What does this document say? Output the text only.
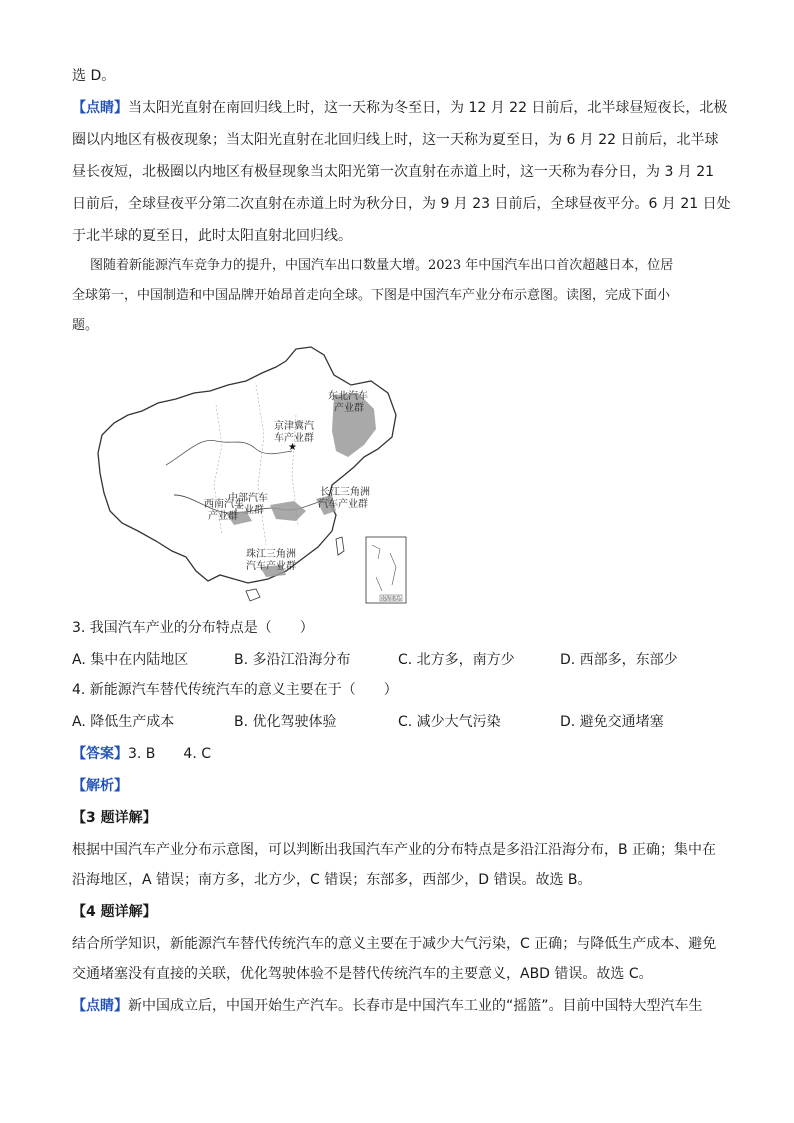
选 D。
【点睛】当太阳光直射在南回归线上时，这一天称为冬至日，为 12 月 22 日前后，北半球昼短夜长，北极
圈以内地区有极夜现象；当太阳光直射在北回归线上时，这一天称为夏至日，为 6 月 22 日前后，北半球
昼长夜短，北极圈以内地区有极昼现象当太阳光第一次直射在赤道上时，这一天称为春分日，为 3 月 21
日前后，全球昼夜平分第二次直射在赤道上时为秋分日，为 9 月 23 日前后，全球昼夜平分。6 月 21 日处
于北半球的夏至日，此时太阳直射北回归线。
图随着新能源汽车竞争力的提升，中国汽车出口数量大增。2023 年中国汽车出口首次超越日本，位居
全球第一，中国制造和中国品牌开始昂首走向全球。下图是中国汽车产业分布示意图。读图，完成下面小
题。
★
东北汽车
产业群
京津冀汽
车产业群
中部汽车
产业群
西南汽车
产业群
长江三角洲
汽车产业群
珠江三角洲
汽车产业群
南海诸岛
3. 我国汽车产业的分布特点是（　　）
A. 集中在内陆地区	B. 多沿江沿海分布	C. 北方多，南方少	D. 西部多，东部少
4. 新能源汽车替代传统汽车的意义主要在于（　　）
A. 降低生产成本	B. 优化驾驶体验	C. 减少大气污染	D. 避免交通堵塞
【答案】3. B　　4. C
【解析】
【3 题详解】
根据中国汽车产业分布示意图，可以判断出我国汽车产业的分布特点是多沿江沿海分布，B 正确；集中在
沿海地区，A 错误；南方多，北方少，C 错误；东部多，西部少，D 错误。故选 B。
【4 题详解】
结合所学知识，新能源汽车替代传统汽车的意义主要在于减少大气污染，C 正确；与降低生产成本、避免
交通堵塞没有直接的关联，优化驾驶体验不是替代传统汽车的主要意义，ABD 错误。故选 C。
【点睛】新中国成立后，中国开始生产汽车。长春市是中国汽车工业的“摇篮”。目前中国特大型汽车生
